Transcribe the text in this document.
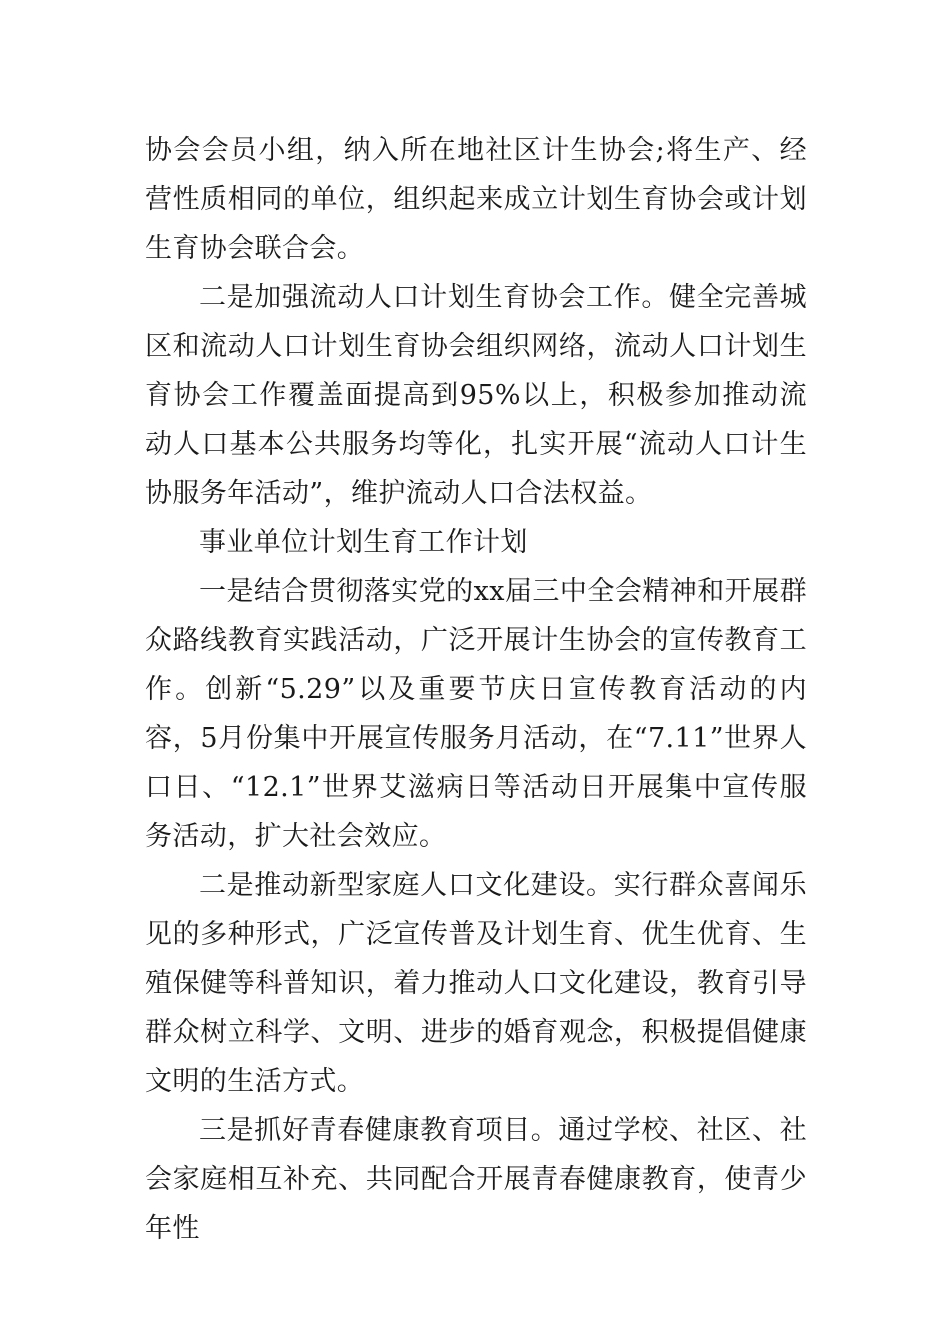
协会会员小组，纳入所在地社区计生协会;将生产、经营性质相同的单位，组织起来成立计划生育协会或计划生育协会联合会。

二是加强流动人口计划生育协会工作。健全完善城区和流动人口计划生育协会组织网络，流动人口计划生育协会工作覆盖面提高到95%以上，积极参加推动流动人口基本公共服务均等化，扎实开展“流动人口计生协服务年活动”，维护流动人口合法权益。

事业单位计划生育工作计划

一是结合贯彻落实党的xx届三中全会精神和开展群众路线教育实践活动，广泛开展计生协会的宣传教育工作。创新“5.29”以及重要节庆日宣传教育活动的内容，5月份集中开展宣传服务月活动，在“7.11”世界人口日、“12.1”世界艾滋病日等活动日开展集中宣传服务活动，扩大社会效应。

二是推动新型家庭人口文化建设。实行群众喜闻乐见的多种形式，广泛宣传普及计划生育、优生优育、生殖保健等科普知识，着力推动人口文化建设，教育引导群众树立科学、文明、进步的婚育观念，积极提倡健康文明的生活方式。

三是抓好青春健康教育项目。通过学校、社区、社会家庭相互补充、共同配合开展青春健康教育，使青少年性
